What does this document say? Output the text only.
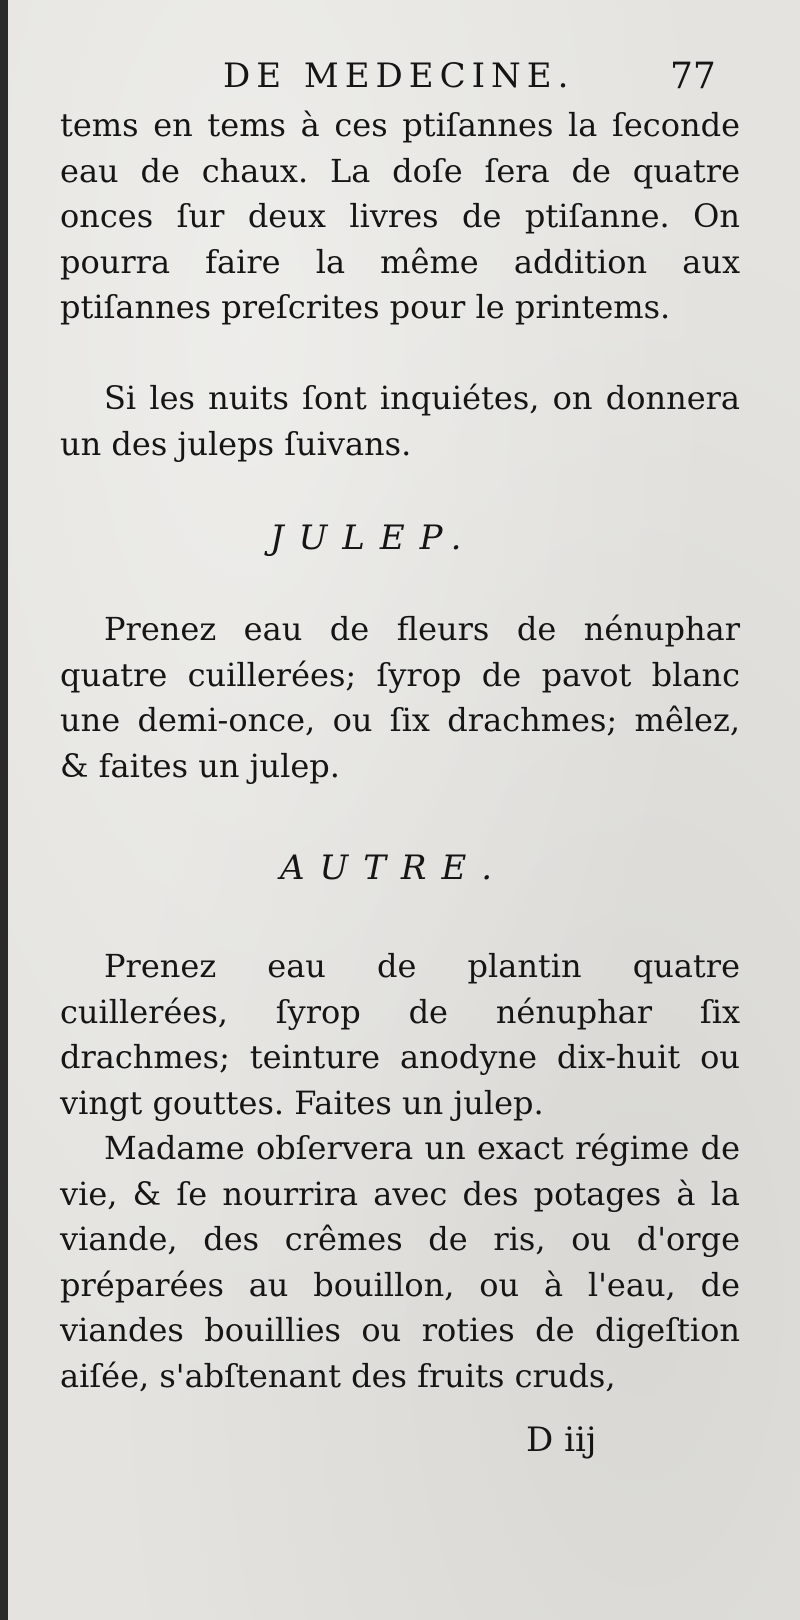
DE MEDECINE.	77

tems en tems à ces ptiſannes la ſeconde eau de chaux. La doſe ſera de quatre onces ſur deux livres de ptiſanne. On pourra faire la même addition aux ptiſannes preſcrites pour le printems.

Si les nuits ſont inquiétes, on donnera un des juleps ſuivans.

JULEP.

Prenez eau de fleurs de nénuphar quatre cuillerées; ſyrop de pavot blanc une demi-once, ou ſix drachmes; mêlez, & faites un julep.

AUTRE.

Prenez eau de plantin quatre cuillerées, ſyrop de nénuphar ſix drachmes; teinture anodyne dix-huit ou vingt gouttes. Faites un julep.

Madame obſervera un exact régime de vie, & ſe nourrira avec des potages à la viande, des crêmes de ris, ou d'orge préparées au bouillon, ou à l'eau, de viandes bouillies ou roties de digeſtion aiſée, s'abſtenant des fruits cruds,

D iij
